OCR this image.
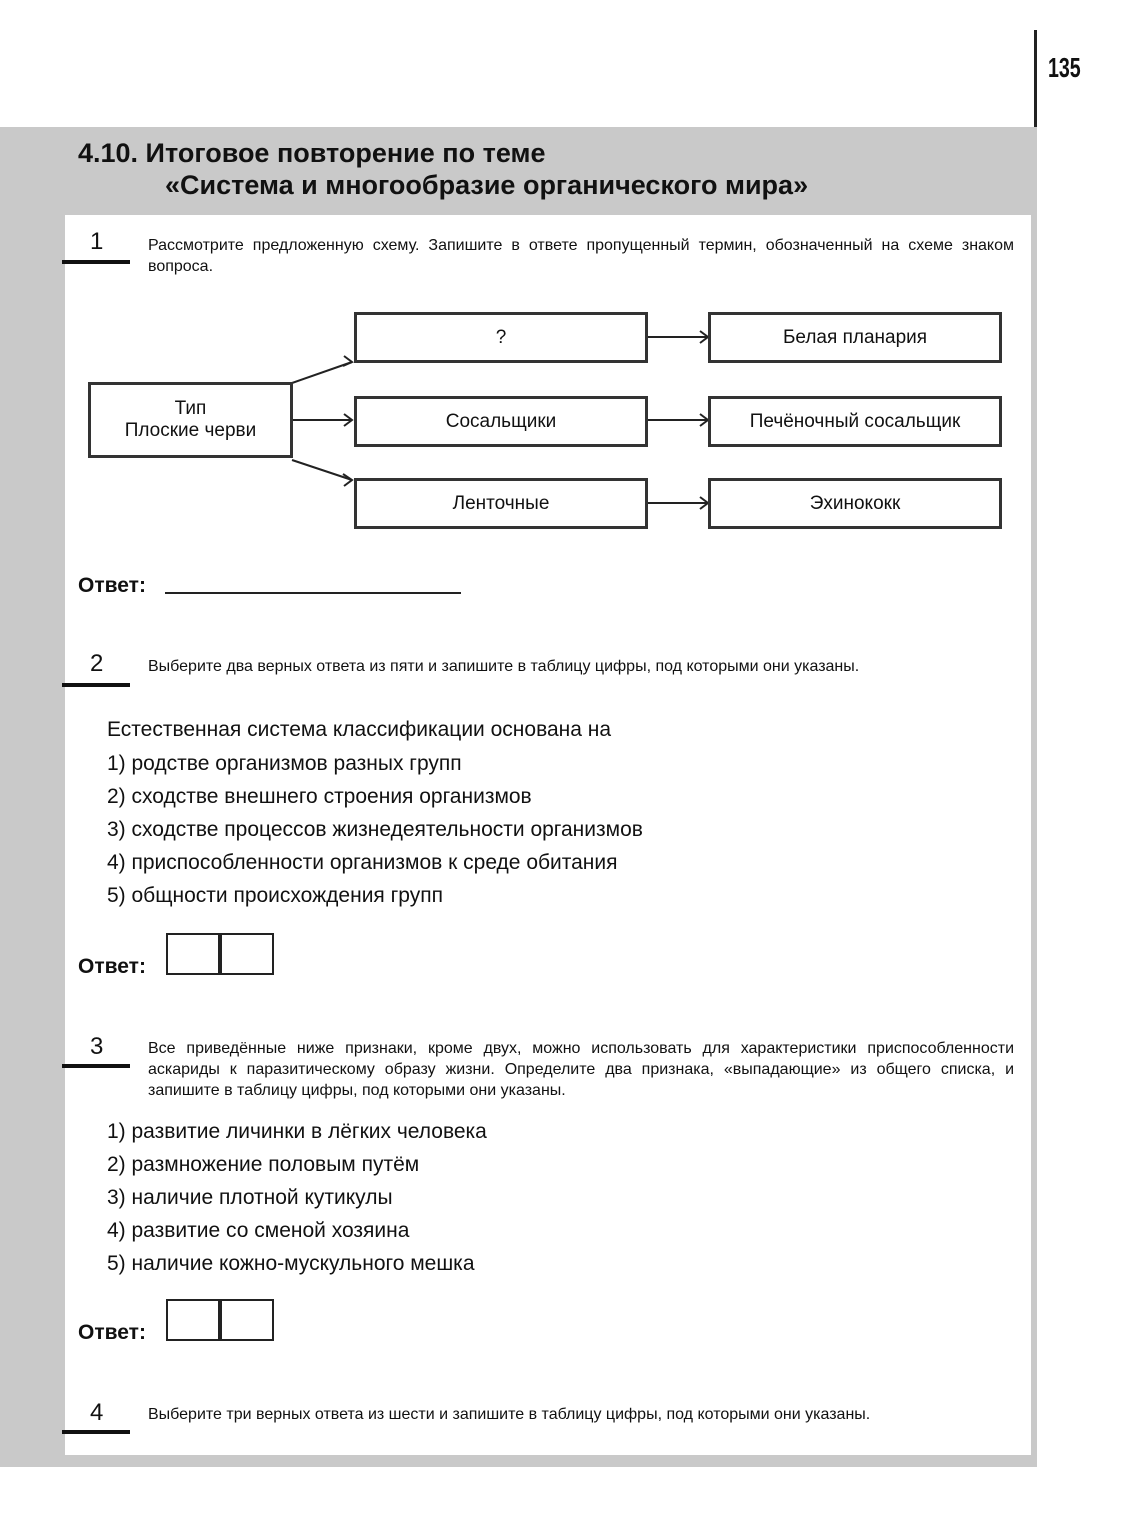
135
4.10. Итоговое повторение по теме
«Система и многообразие органического мира»
1	Рассмотрите предложенную схему. Запишите в ответе пропущенный термин, обозначенный на схеме знаком вопроса.
Тип
Плоские черви
?
Сосальщики
Ленточные
Белая планария
Печёночный сосальщик
Эхинококк
Ответ:
2	Выберите два верных ответа из пяти и запишите в таблицу цифры, под которыми они указаны.
Естественная система классификации основана на
1) родстве организмов разных групп
2) сходстве внешнего строения организмов
3) сходстве процессов жизнедеятельности организмов
4) приспособленности организмов к среде обитания
5) общности происхождения групп
Ответ:
3	Все приведённые ниже признаки, кроме двух, можно использовать для характеристики приспособленности аскариды к паразитическому образу жизни. Определите два признака, «выпадающие» из общего списка, и запишите в таблицу цифры, под которыми они указаны.
1) развитие личинки в лёгких человека
2) размножение половым путём
3) наличие плотной кутикулы
4) развитие со сменой хозяина
5) наличие кожно-мускульного мешка
Ответ:
4	Выберите три верных ответа из шести и запишите в таблицу цифры, под которыми они указаны.
